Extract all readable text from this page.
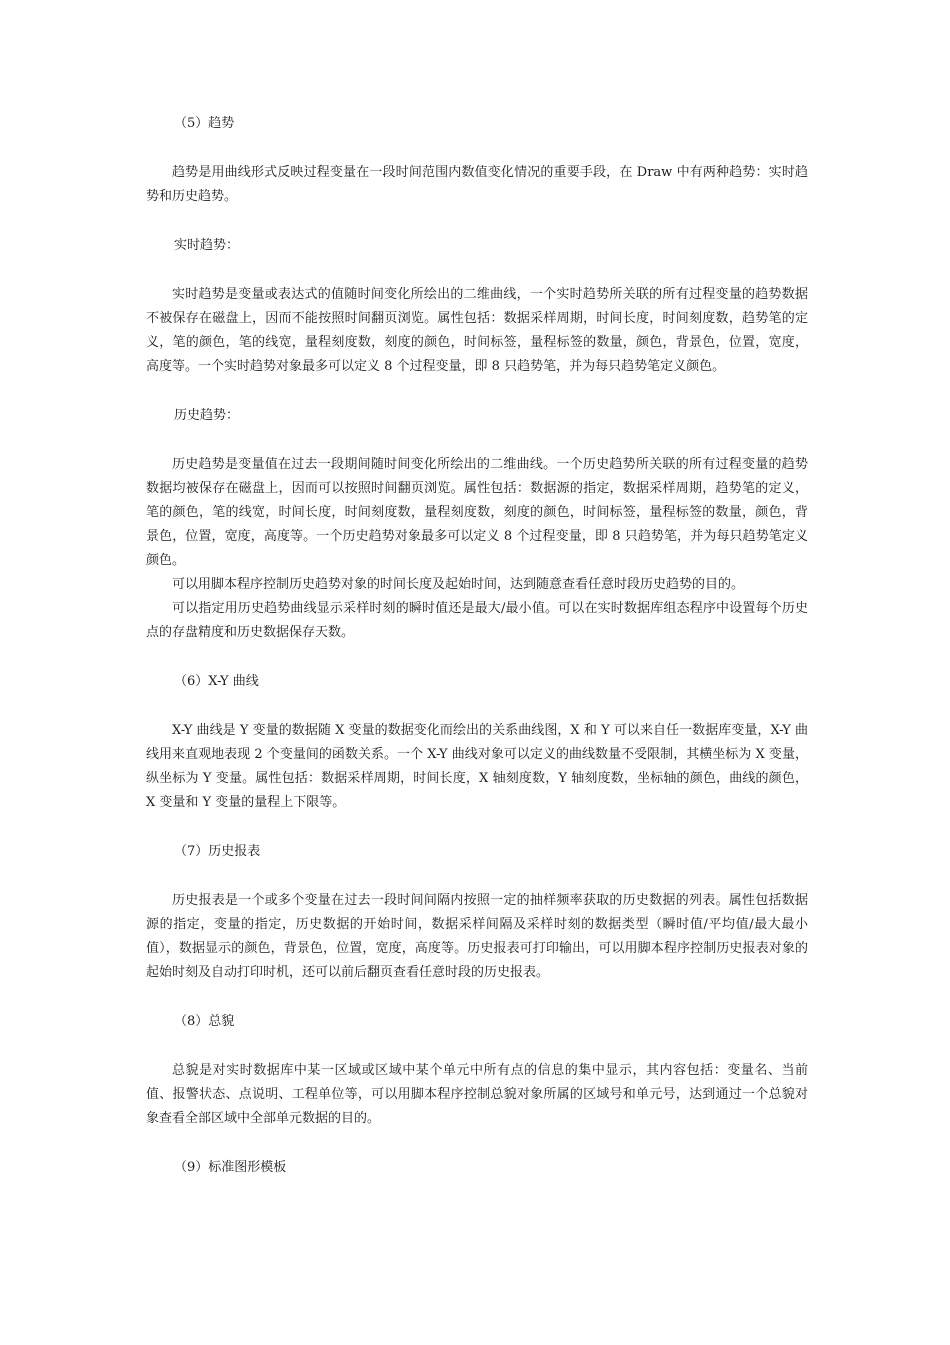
（5）趋势

趋势是用曲线形式反映过程变量在一段时间范围内数值变化情况的重要手段，在 Draw 中有两种趋势：实时趋势和历史趋势。

实时趋势：

实时趋势是变量或表达式的值随时间变化所绘出的二维曲线，一个实时趋势所关联的所有过程变量的趋势数据不被保存在磁盘上，因而不能按照时间翻页浏览。属性包括：数据采样周期，时间长度，时间刻度数，趋势笔的定义，笔的颜色，笔的线宽，量程刻度数，刻度的颜色，时间标签，量程标签的数量，颜色，背景色，位置，宽度，高度等。一个实时趋势对象最多可以定义 8 个过程变量，即 8 只趋势笔，并为每只趋势笔定义颜色。

历史趋势：

历史趋势是变量值在过去一段期间随时间变化所绘出的二维曲线。一个历史趋势所关联的所有过程变量的趋势数据均被保存在磁盘上，因而可以按照时间翻页浏览。属性包括：数据源的指定，数据采样周期，趋势笔的定义，笔的颜色，笔的线宽，时间长度，时间刻度数，量程刻度数，刻度的颜色，时间标签，量程标签的数量，颜色，背景色，位置，宽度，高度等。一个历史趋势对象最多可以定义 8 个过程变量，即 8 只趋势笔，并为每只趋势笔定义颜色。

可以用脚本程序控制历史趋势对象的时间长度及起始时间，达到随意查看任意时段历史趋势的目的。

可以指定用历史趋势曲线显示采样时刻的瞬时值还是最大/最小值。可以在实时数据库组态程序中设置每个历史点的存盘精度和历史数据保存天数。

（6）X-Y 曲线

X-Y 曲线是 Y 变量的数据随 X 变量的数据变化而绘出的关系曲线图，X 和 Y 可以来自任一数据库变量，X-Y 曲线用来直观地表现 2 个变量间的函数关系。一个 X-Y 曲线对象可以定义的曲线数量不受限制，其横坐标为 X 变量，纵坐标为 Y 变量。属性包括：数据采样周期，时间长度，X 轴刻度数，Y 轴刻度数，坐标轴的颜色，曲线的颜色，X 变量和 Y 变量的量程上下限等。

（7）历史报表

历史报表是一个或多个变量在过去一段时间间隔内按照一定的抽样频率获取的历史数据的列表。属性包括数据源的指定，变量的指定，历史数据的开始时间，数据采样间隔及采样时刻的数据类型（瞬时值/平均值/最大最小值），数据显示的颜色，背景色，位置，宽度，高度等。历史报表可打印输出，可以用脚本程序控制历史报表对象的起始时刻及自动打印时机，还可以前后翻页查看任意时段的历史报表。

（8）总貌

总貌是对实时数据库中某一区域或区域中某个单元中所有点的信息的集中显示，其内容包括：变量名、当前值、报警状态、点说明、工程单位等，可以用脚本程序控制总貌对象所属的区域号和单元号，达到通过一个总貌对象查看全部区域中全部单元数据的目的。

（9）标准图形模板
